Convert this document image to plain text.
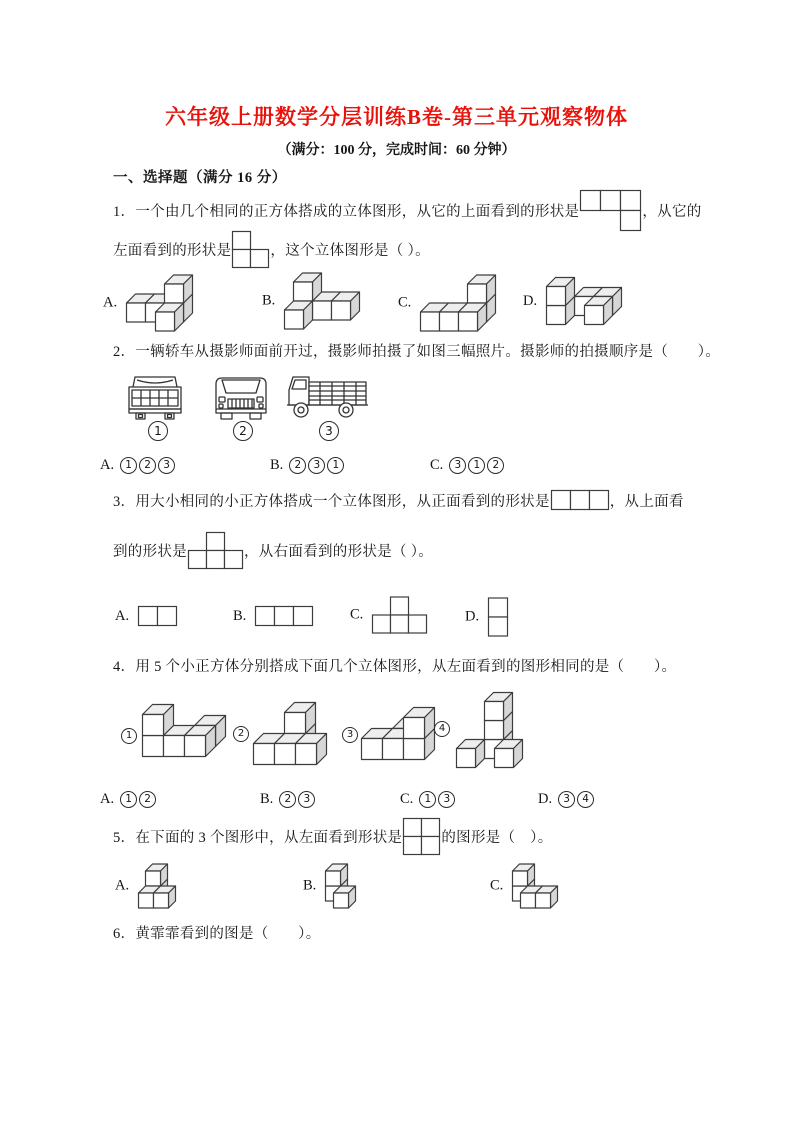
六年级上册数学分层训练B卷-第三单元观察物体
（满分：100 分，完成时间：60 分钟）
一、选择题（满分 16 分）
1．一个由几个相同的正方体搭成的立体图形，从它的上面看到的形状是	，从它的
左面看到的形状是	，这个立体图形是（ ）。
A.	B.	C.	D.
2．一辆轿车从摄影师面前开过，摄影师拍摄了如图三幅照片。摄影师的拍摄顺序是（　　）。
1	2	3
A.	1	2	3	B.	2	3	1	C.	3	1	2
3．用大小相同的小正方体搭成一个立体图形，从正面看到的形状是	，从上面看
到的形状是	，从右面看到的形状是（ ）。
A.	B.	C.	D.
4．用 5 个小正方体分别搭成下面几个立体图形，从左面看到的图形相同的是（　　）。
1	2	3
4
A.	1	2	B.	2	3	C.	1	3	D.	3	4
5．在下面的 3 个图形中，从左面看到形状是	的图形是（　）。
A.	B.	C.
6．黄霏霏看到的图是（　　）。
